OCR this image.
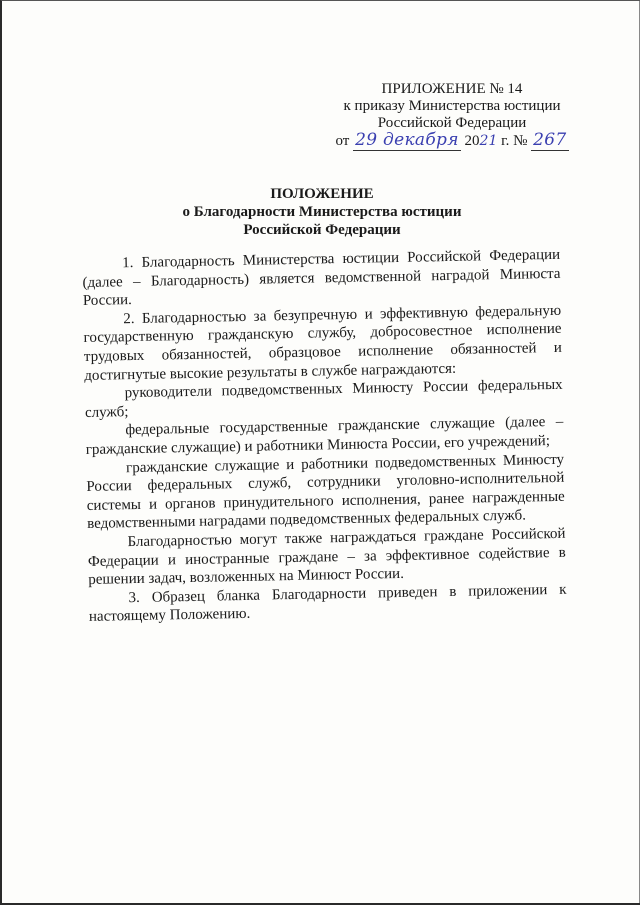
ПРИЛОЖЕНИЕ № 14
к приказу Министерства юстиции
Российской Федерации
от 29 декабря 2021 г. № 267
ПОЛОЖЕНИЕ
о Благодарности Министерства юстиции
Российской Федерации

1. Благодарность Министерства юстиции Российской Федерации (далее – Благодарность) является ведомственной наградой Минюста России.

2. Благодарностью за безупречную и эффективную федеральную государственную гражданскую службу, добросовестное исполнение трудовых обязанностей, образцовое исполнение обязанностей и достигнутые высокие результаты в службе награждаются:

руководители подведомственных Минюсту России федеральных служб;

федеральные государственные гражданские служащие (далее – гражданские служащие) и работники Минюста России, его учреждений;

гражданские служащие и работники подведомственных Минюсту России федеральных служб, сотрудники уголовно-исполнительной системы и органов принудительного исполнения, ранее награжденные ведомственными наградами подведомственных федеральных служб.

Благодарностью могут также награждаться граждане Российской Федерации и иностранные граждане – за эффективное содействие в решении задач, возложенных на Минюст России.

3. Образец бланка Благодарности приведен в приложении к настоящему Положению.
